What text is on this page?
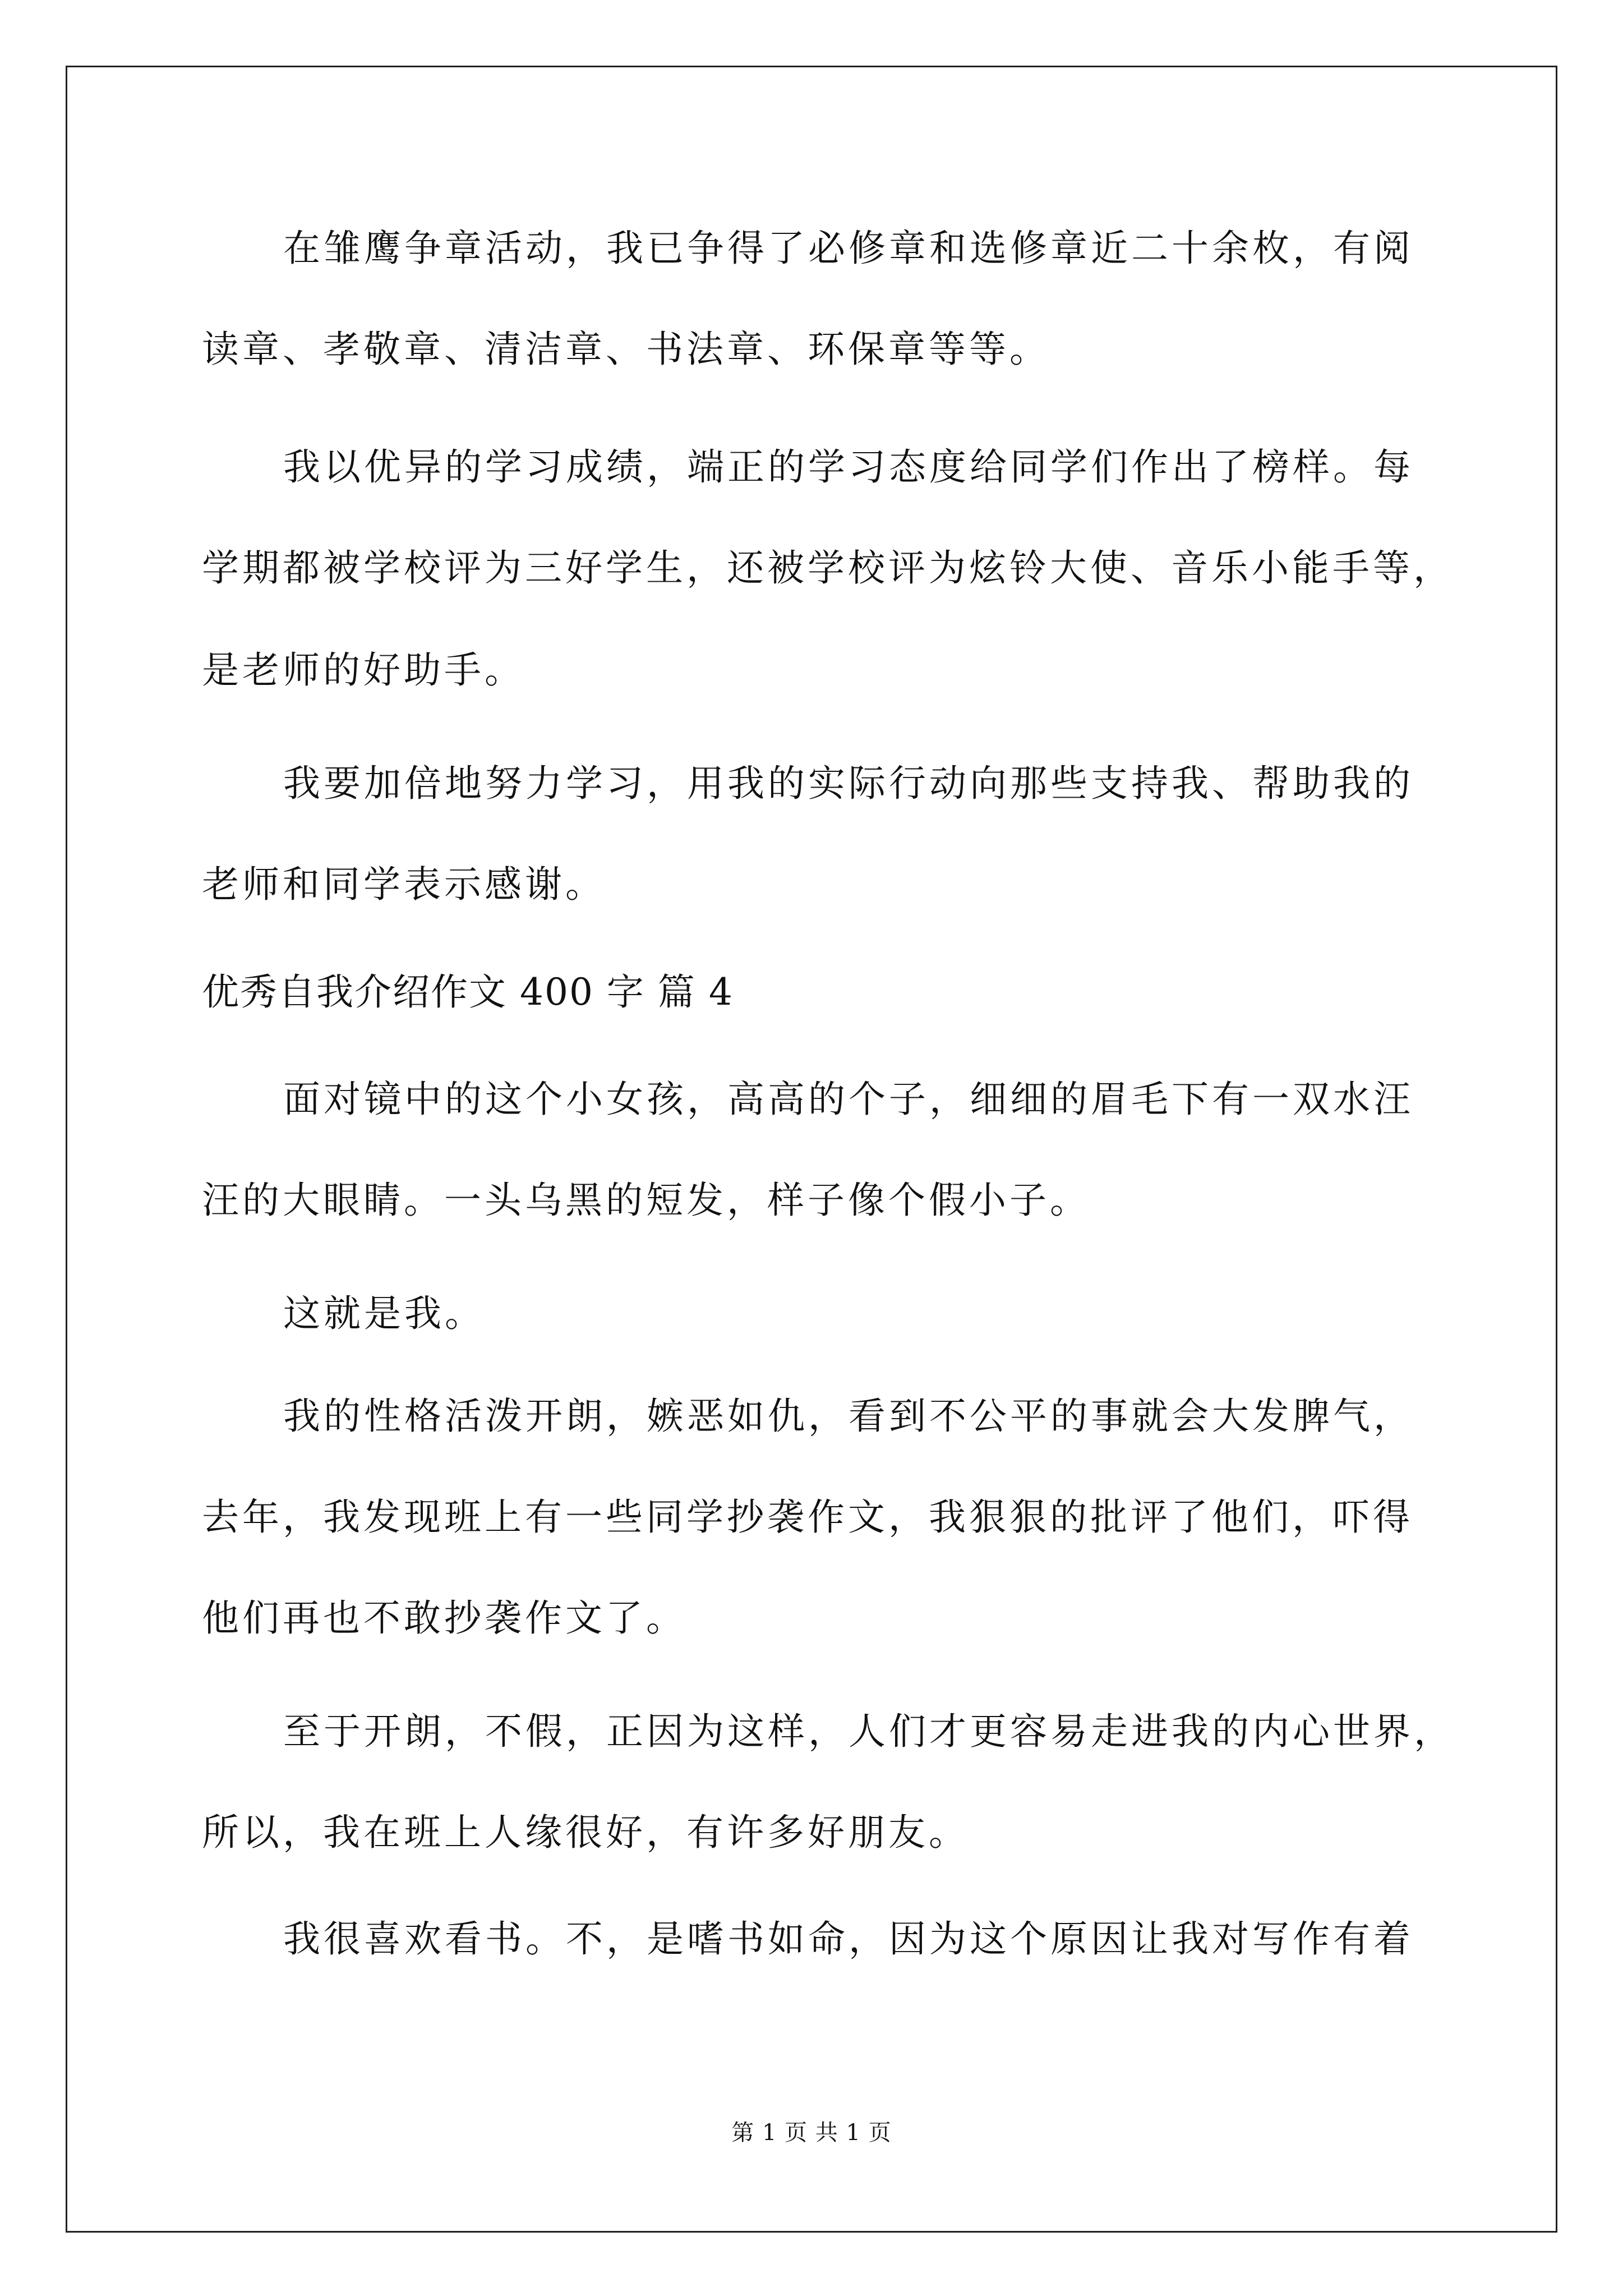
在雏鹰争章活动，我已争得了必修章和选修章近二十余枚，有阅
读章、孝敬章、清洁章、书法章、环保章等等。
我以优异的学习成绩，端正的学习态度给同学们作出了榜样。每
学期都被学校评为三好学生，还被学校评为炫铃大使、音乐小能手等，
是老师的好助手。
我要加倍地努力学习，用我的实际行动向那些支持我、帮助我的
老师和同学表示感谢。
优秀自我介绍作文 400 字 篇 4
面对镜中的这个小女孩，高高的个子，细细的眉毛下有一双水汪
汪的大眼睛。一头乌黑的短发，样子像个假小子。
这就是我。
我的性格活泼开朗，嫉恶如仇，看到不公平的事就会大发脾气，
去年，我发现班上有一些同学抄袭作文，我狠狠的批评了他们，吓得
他们再也不敢抄袭作文了。
至于开朗，不假，正因为这样，人们才更容易走进我的内心世界，
所以，我在班上人缘很好，有许多好朋友。
我很喜欢看书。不，是嗜书如命，因为这个原因让我对写作有着
第 1 页 共 1 页
